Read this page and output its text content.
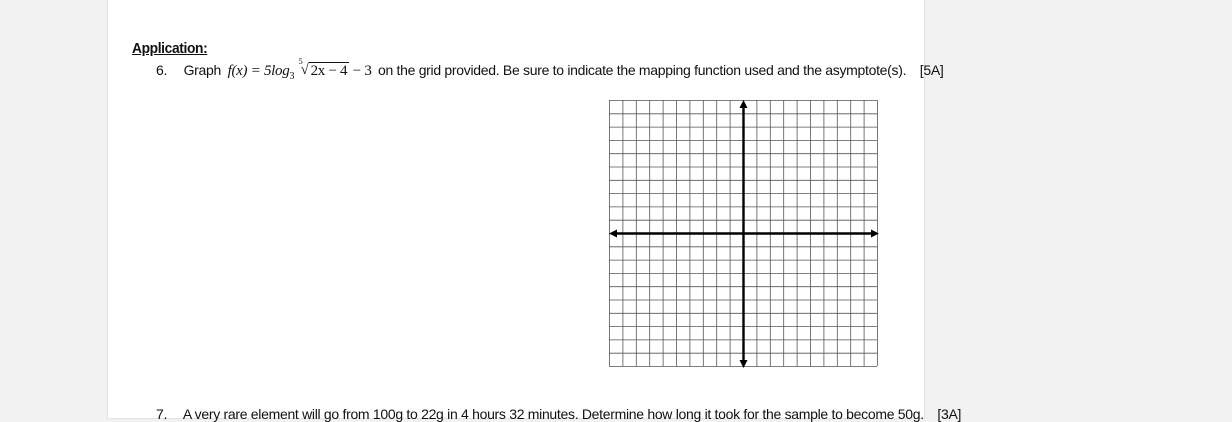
Application:
6. Graph $f(x) = 5\log_3$
5
√ 2x − 4 − 3 on the grid provided. Be sure to indicate the mapping function used and the asymptote(s). [5A]
7. A very rare element will go from 100g to 22g in 4 hours 32 minutes. Determine how long it took for the sample to become 50g. [3A]
